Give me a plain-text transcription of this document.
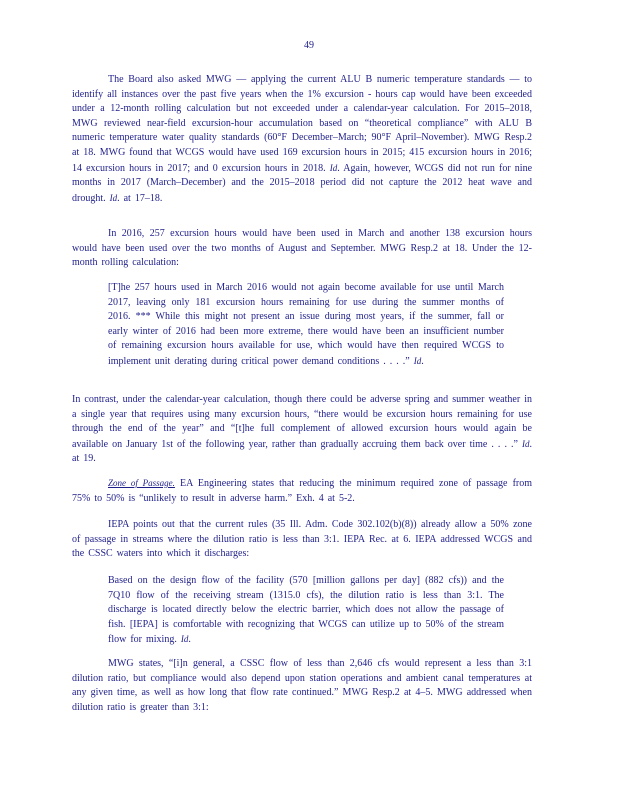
49

The Board also asked MWG — applying the current ALU B numeric temperature standards — to identify all instances over the past five years when the 1% excursion - hours cap would have been exceeded under a 12-month rolling calculation but not exceeded under a calendar-year calculation. For 2015–2018, MWG reviewed near-field excursion-hour accumulation based on “theoretical compliance” with ALU B numeric temperature water quality standards (60°F December–March; 90°F April–November). MWG Resp.2 at 18. MWG found that WCGS would have used 169 excursion hours in 2015; 415 excursion hours in 2016; 14 excursion hours in 2017; and 0 excursion hours in 2018. Id. Again, however, WCGS did not run for nine months in 2017 (March–December) and the 2015–2018 period did not capture the 2012 heat wave and drought. Id. at 17–18.

In 2016, 257 excursion hours would have been used in March and another 138 excursion hours would have been used over the two months of August and September. MWG Resp.2 at 18. Under the 12-month rolling calculation:

[T]he 257 hours used in March 2016 would not again become available for use until March 2017, leaving only 181 excursion hours remaining for use during the summer months of 2016. *** While this might not present an issue during most years, if the summer, fall or early winter of 2016 had been more extreme, there would have been an insufficient number of remaining excursion hours available for use, which would have then required WCGS to implement unit derating during critical power demand conditions . . . .” Id.

In contrast, under the calendar-year calculation, though there could be adverse spring and summer weather in a single year that requires using many excursion hours, “there would be excursion hours remaining for use through the end of the year” and “[t]he full complement of allowed excursion hours would again be available on January 1st of the following year, rather than gradually accruing them back over time . . . .” Id. at 19.

Zone of Passage. EA Engineering states that reducing the minimum required zone of passage from 75% to 50% is “unlikely to result in adverse harm.” Exh. 4 at 5-2.

IEPA points out that the current rules (35 Ill. Adm. Code 302.102(b)(8)) already allow a 50% zone of passage in streams where the dilution ratio is less than 3:1. IEPA Rec. at 6. IEPA addressed WCGS and the CSSC waters into which it discharges:

Based on the design flow of the facility (570 [million gallons per day] (882 cfs)) and the 7Q10 flow of the receiving stream (1315.0 cfs), the dilution ratio is less than 3:1. The discharge is located directly below the electric barrier, which does not allow the passage of fish. [IEPA] is comfortable with recognizing that WCGS can utilize up to 50% of the stream flow for mixing. Id.

MWG states, “[i]n general, a CSSC flow of less than 2,646 cfs would represent a less than 3:1 dilution ratio, but compliance would also depend upon station operations and ambient canal temperatures at any given time, as well as how long that flow rate continued.” MWG Resp.2 at 4–5. MWG addressed when dilution ratio is greater than 3:1:
